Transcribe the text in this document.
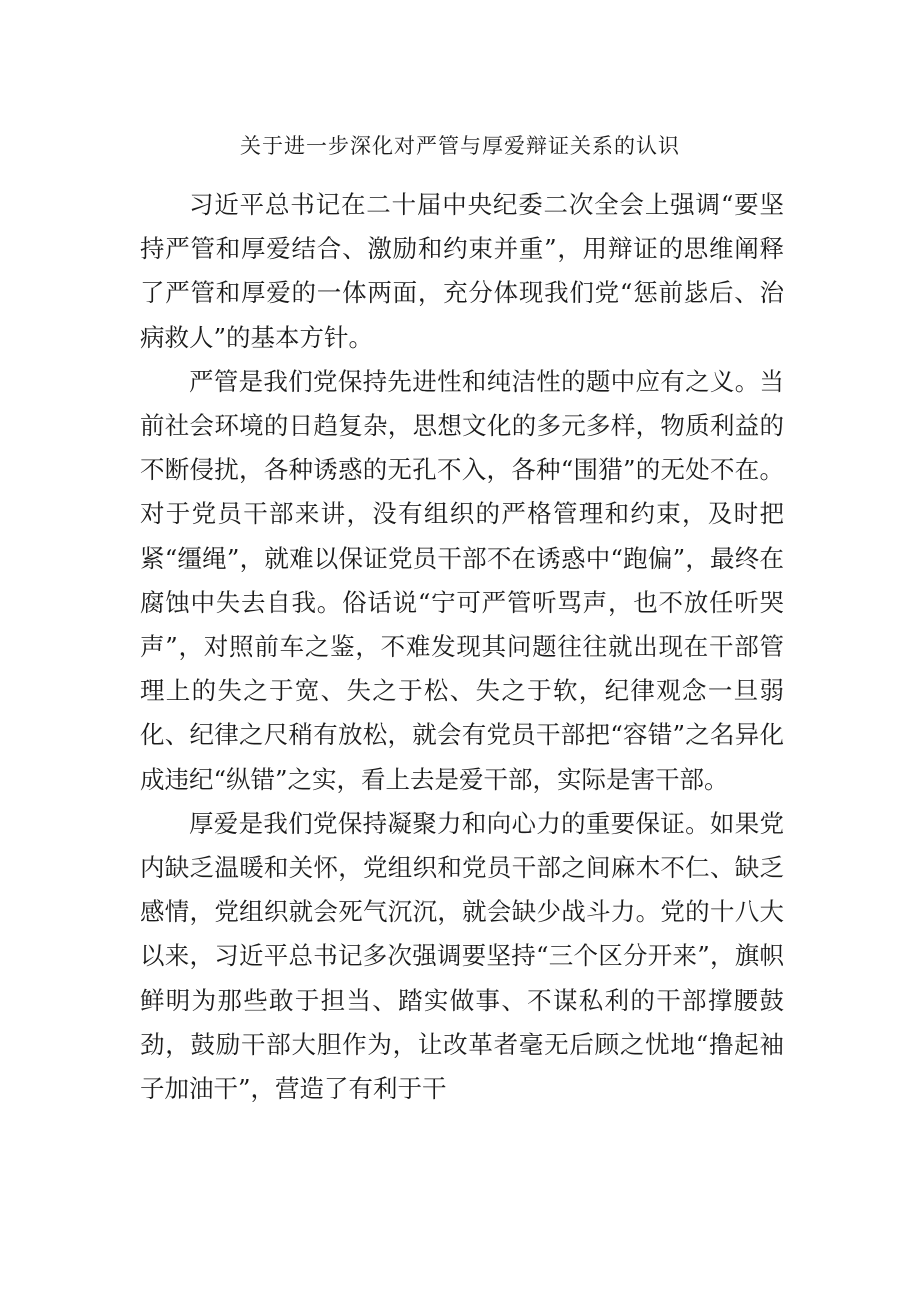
关于进一步深化对严管与厚爱辩证关系的认识

习近平总书记在二十届中央纪委二次全会上强调“要坚持严管和厚爱结合、激励和约束并重”，用辩证的思维阐释了严管和厚爱的一体两面，充分体现我们党“惩前毖后、治病救人”的基本方针。

严管是我们党保持先进性和纯洁性的题中应有之义。当前社会环境的日趋复杂，思想文化的多元多样，物质利益的不断侵扰，各种诱惑的无孔不入，各种“围猎”的无处不在。对于党员干部来讲，没有组织的严格管理和约束，及时把紧“缰绳”，就难以保证党员干部不在诱惑中“跑偏”，最终在腐蚀中失去自我。俗话说“宁可严管听骂声，也不放任听哭声”，对照前车之鉴，不难发现其问题往往就出现在干部管理上的失之于宽、失之于松、失之于软，纪律观念一旦弱化、纪律之尺稍有放松，就会有党员干部把“容错”之名异化成违纪“纵错”之实，看上去是爱干部，实际是害干部。

厚爱是我们党保持凝聚力和向心力的重要保证。如果党内缺乏温暖和关怀，党组织和党员干部之间麻木不仁、缺乏感情，党组织就会死气沉沉，就会缺少战斗力。党的十八大以来，习近平总书记多次强调要坚持“三个区分开来”，旗帜鲜明为那些敢于担当、踏实做事、不谋私利的干部撑腰鼓劲，鼓励干部大胆作为，让改革者毫无后顾之忧地“撸起袖子加油干”，营造了有利于干
